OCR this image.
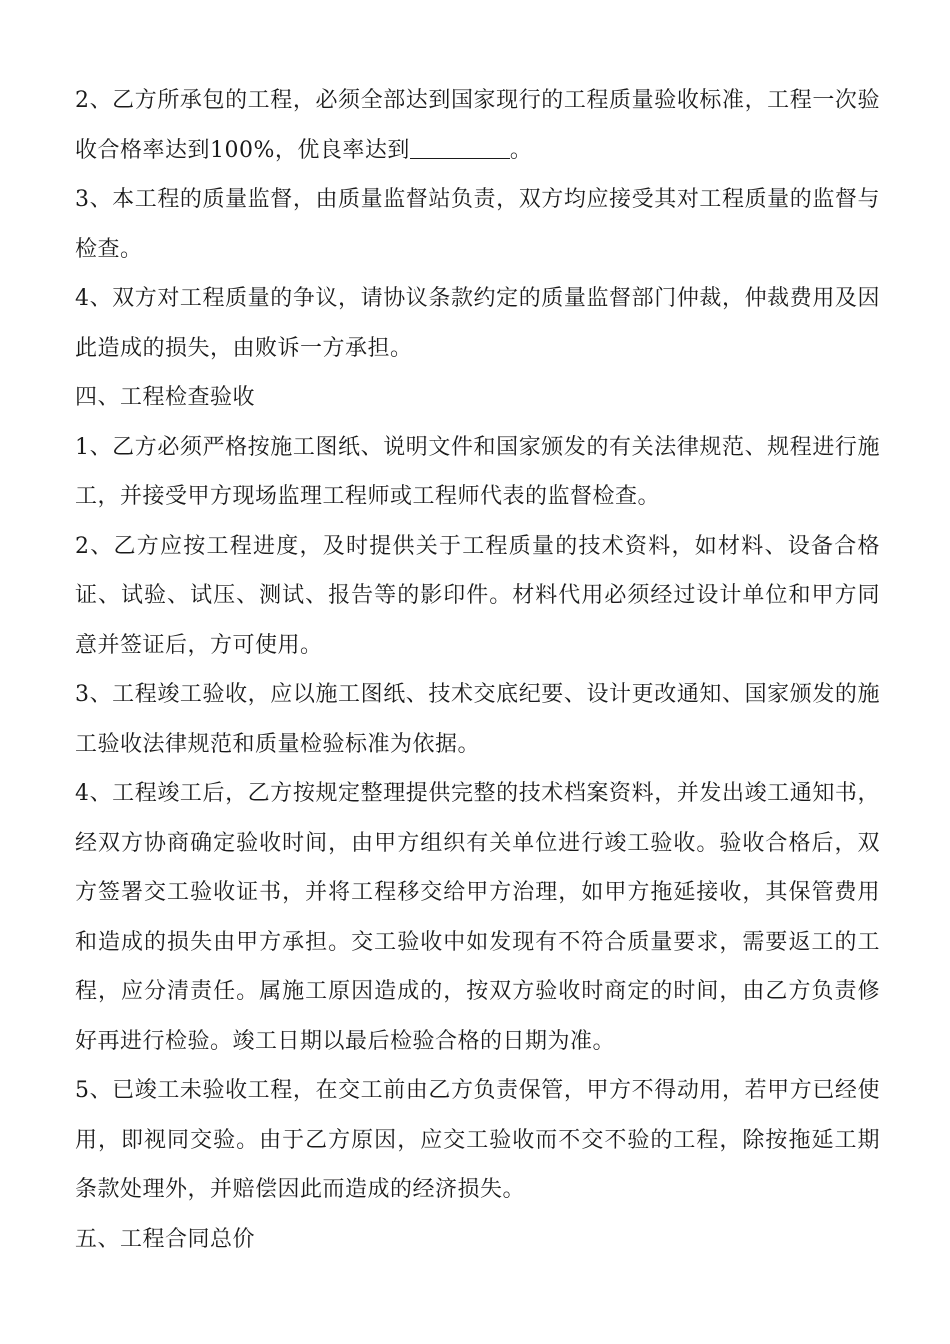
2、乙方所承包的工程，必须全部达到国家现行的工程质量验收标准，工程一次验收合格率达到100%，优良率达到	。

3、本工程的质量监督，由质量监督站负责，双方均应接受其对工程质量的监督与检查。

4、双方对工程质量的争议，请协议条款约定的质量监督部门仲裁，仲裁费用及因此造成的损失，由败诉一方承担。

四、工程检查验收

1、乙方必须严格按施工图纸、说明文件和国家颁发的有关法律规范、规程进行施工，并接受甲方现场监理工程师或工程师代表的监督检查。

2、乙方应按工程进度，及时提供关于工程质量的技术资料，如材料、设备合格证、试验、试压、测试、报告等的影印件。材料代用必须经过设计单位和甲方同意并签证后，方可使用。

3、工程竣工验收，应以施工图纸、技术交底纪要、设计更改通知、国家颁发的施工验收法律规范和质量检验标准为依据。

4、工程竣工后，乙方按规定整理提供完整的技术档案资料，并发出竣工通知书，经双方协商确定验收时间，由甲方组织有关单位进行竣工验收。验收合格后，双方签署交工验收证书，并将工程移交给甲方治理，如甲方拖延接收，其保管费用和造成的损失由甲方承担。交工验收中如发现有不符合质量要求，需要返工的工程，应分清责任。属施工原因造成的，按双方验收时商定的时间，由乙方负责修好再进行检验。竣工日期以最后检验合格的日期为准。

5、已竣工未验收工程，在交工前由乙方负责保管，甲方不得动用，若甲方已经使用，即视同交验。由于乙方原因，应交工验收而不交不验的工程，除按拖延工期条款处理外，并赔偿因此而造成的经济损失。

五、工程合同总价
